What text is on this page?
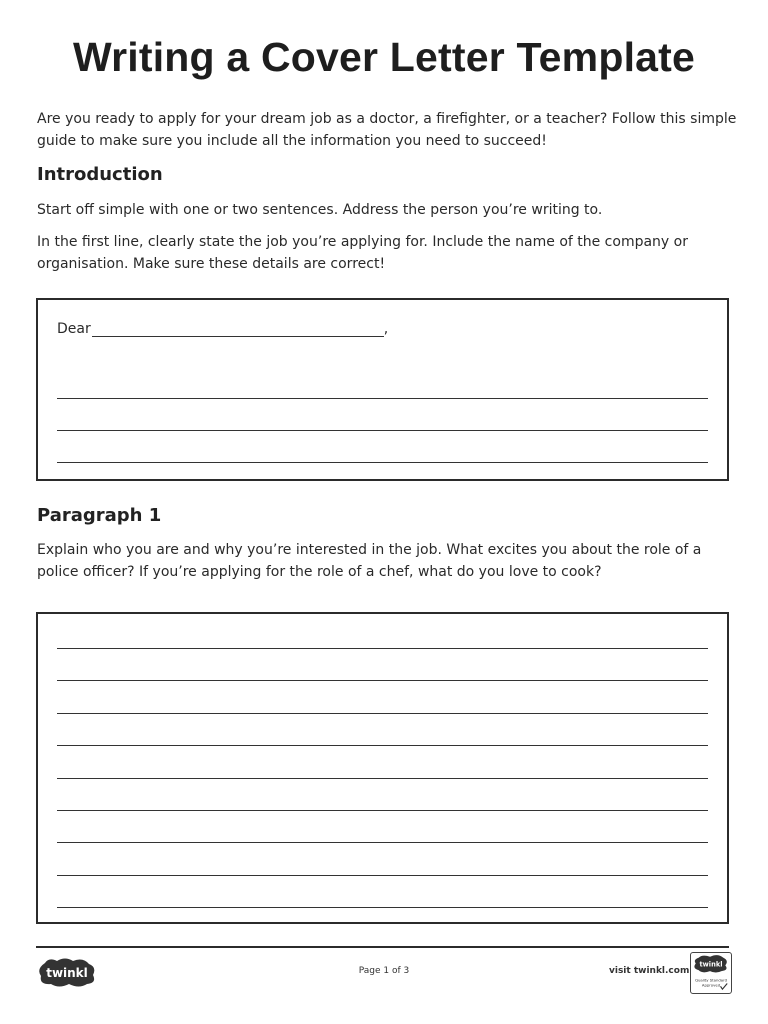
Writing a Cover Letter Template

Are you ready to apply for your dream job as a doctor, a firefighter, or a teacher? Follow this simple guide to make sure you include all the information you need to succeed!

Introduction

Start off simple with one or two sentences. Address the person you’re writing to.

In the first line, clearly state the job you’re applying for. Include the name of the company or organisation. Make sure these details are correct!

Dear	,
Paragraph 1

Explain who you are and why you’re interested in the job. What excites you about the role of a police officer? If you’re applying for the role of a chef, what do you love to cook?

twinkl	Page 1 of 3	visit twinkl.com
twinkl
Quality Standard
Approved
